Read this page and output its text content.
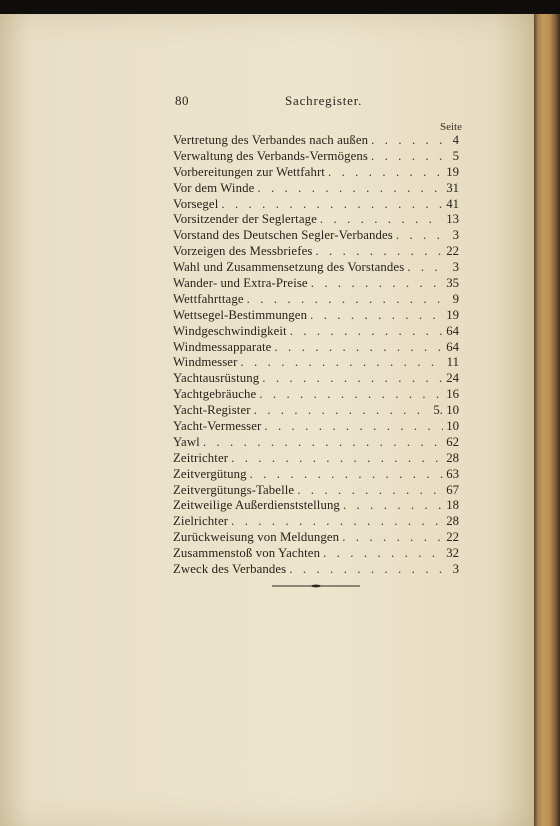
80	Sachregister.
Seite
Vertretung des Verbandes nach außen . . .	4
Verwaltung des Verbands-Vermögens . . .	5
Vorbereitungen zur Wettfahrt . . .	19
Vor dem Winde . . .	31
Vorsegel . . .	41
Vorsitzender der Seglertage . . .	13
Vorstand des Deutschen Segler-Verbandes . . .	3
Vorzeigen des Messbriefes . . .	22
Wahl und Zusammensetzung des Vorstandes . . .	3
Wander- und Extra-Preise . . .	35
Wettfahrttage . . .	9
Wettsegel-Bestimmungen . . .	19
Windgeschwindigkeit . . .	64
Windmessapparate . . .	64
Windmesser . . .	11
Yachtausrüstung . . .	24
Yachtgebräuche . . .	16
Yacht-Register . . .	5. 10
Yacht-Vermesser . . .	10
Yawl . . .	62
Zeitrichter . . .	28
Zeitvergütung . . .	63
Zeitvergütungs-Tabelle . . .	67
Zeitweilige Außerdienststellung . . .	18
Zielrichter . . .	28
Zurückweisung von Meldungen . . .	22
Zusammenstoß von Yachten . . .	32
Zweck des Verbandes . . .	3
